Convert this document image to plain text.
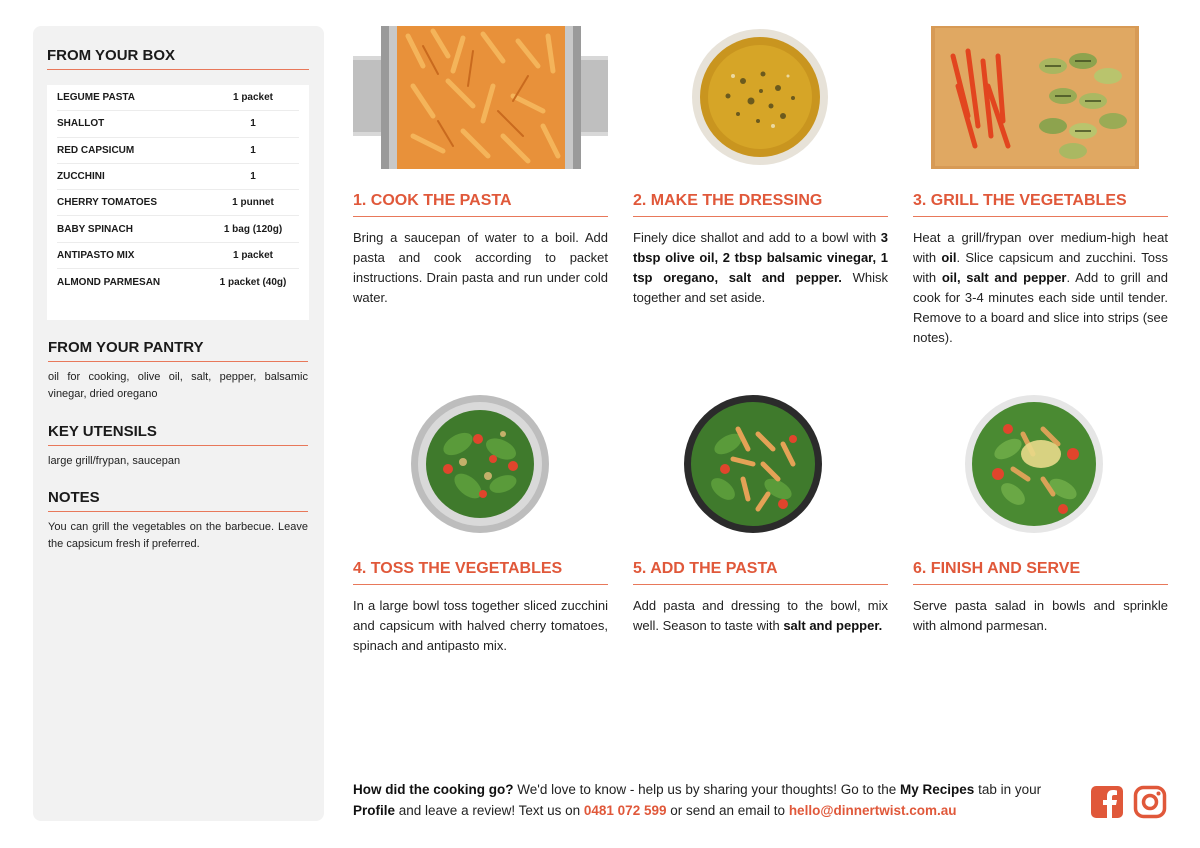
FROM YOUR BOX
LEGUME PASTA	1 packet
SHALLOT	1
RED CAPSICUM	1
ZUCCHINI	1
CHERRY TOMATOES	1 punnet
BABY SPINACH	1 bag (120g)
ANTIPASTO MIX	1 packet
ALMOND PARMESAN	1 packet (40g)
FROM YOUR PANTRY
oil for cooking, olive oil, salt, pepper, balsamic vinegar, dried oregano
KEY UTENSILS
large grill/frypan, saucepan
NOTES
You can grill the vegetables on the barbecue. Leave the capsicum fresh if preferred.
1. COOK THE PASTA

Bring a saucepan of water to a boil. Add pasta and cook according to packet instructions. Drain pasta and run under cold water.

2. MAKE THE DRESSING

Finely dice shallot and add to a bowl with 3 tbsp olive oil, 2 tbsp balsamic vinegar, 1 tsp oregano, salt and pepper. Whisk together and set aside.

3. GRILL THE VEGETABLES

Heat a grill/frypan over medium-high heat with oil. Slice capsicum and zucchini. Toss with oil, salt and pepper. Add to grill and cook for 3-4 minutes each side until tender. Remove to a board and slice into strips (see notes).

4. TOSS THE VEGETABLES

In a large bowl toss together sliced zucchini and capsicum with halved cherry tomatoes, spinach and antipasto mix.

5. ADD THE PASTA

Add pasta and dressing to the bowl, mix well. Season to taste with salt and pepper.

6. FINISH AND SERVE

Serve pasta salad in bowls and sprinkle with almond parmesan.

How did the cooking go? We'd love to know - help us by sharing your thoughts! Go to the My Recipes tab in your Profile and leave a review! Text us on 0481 072 599 or send an email to hello@dinnertwist.com.au
